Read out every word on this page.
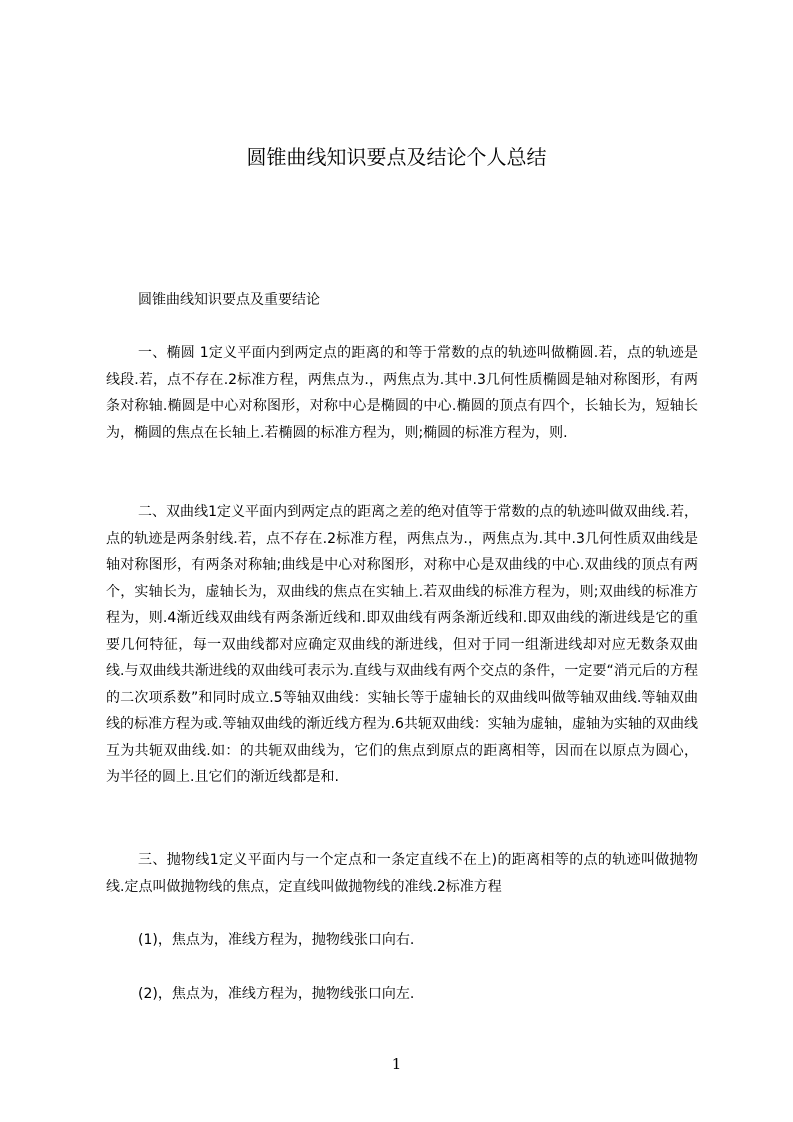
圆锥曲线知识要点及结论个人总结

圆锥曲线知识要点及重要结论

一、椭圆 1定义平面内到两定点的距离的和等于常数的点的轨迹叫做椭圆.若，点的轨迹是线段.若，点不存在.2标准方程，两焦点为.，两焦点为.其中.3几何性质椭圆是轴对称图形，有两条对称轴.椭圆是中心对称图形，对称中心是椭圆的中心.椭圆的顶点有四个，长轴长为，短轴长为，椭圆的焦点在长轴上.若椭圆的标准方程为，则;椭圆的标准方程为，则.

二、双曲线1定义平面内到两定点的距离之差的绝对值等于常数的点的轨迹叫做双曲线.若，点的轨迹是两条射线.若，点不存在.2标准方程，两焦点为.，两焦点为.其中.3几何性质双曲线是轴对称图形，有两条对称轴;曲线是中心对称图形，对称中心是双曲线的中心.双曲线的顶点有两个，实轴长为，虚轴长为，双曲线的焦点在实轴上.若双曲线的标准方程为，则;双曲线的标准方程为，则.4渐近线双曲线有两条渐近线和.即双曲线有两条渐近线和.即双曲线的渐进线是它的重要几何特征，每一双曲线都对应确定双曲线的渐进线，但对于同一组渐进线却对应无数条双曲线.与双曲线共渐进线的双曲线可表示为.直线与双曲线有两个交点的条件，一定要“消元后的方程的二次项系数”和同时成立.5等轴双曲线：实轴长等于虚轴长的双曲线叫做等轴双曲线.等轴双曲线的标准方程为或.等轴双曲线的渐近线方程为.6共轭双曲线：实轴为虚轴，虚轴为实轴的双曲线互为共轭双曲线.如：的共轭双曲线为，它们的焦点到原点的距离相等，因而在以原点为圆心，为半径的圆上.且它们的渐近线都是和.

三、抛物线1定义平面内与一个定点和一条定直线不在上)的距离相等的点的轨迹叫做抛物线.定点叫做抛物线的焦点，定直线叫做抛物线的准线.2标准方程

(1)，焦点为，准线方程为，抛物线张口向右.

(2)，焦点为，准线方程为，抛物线张口向左.

1
